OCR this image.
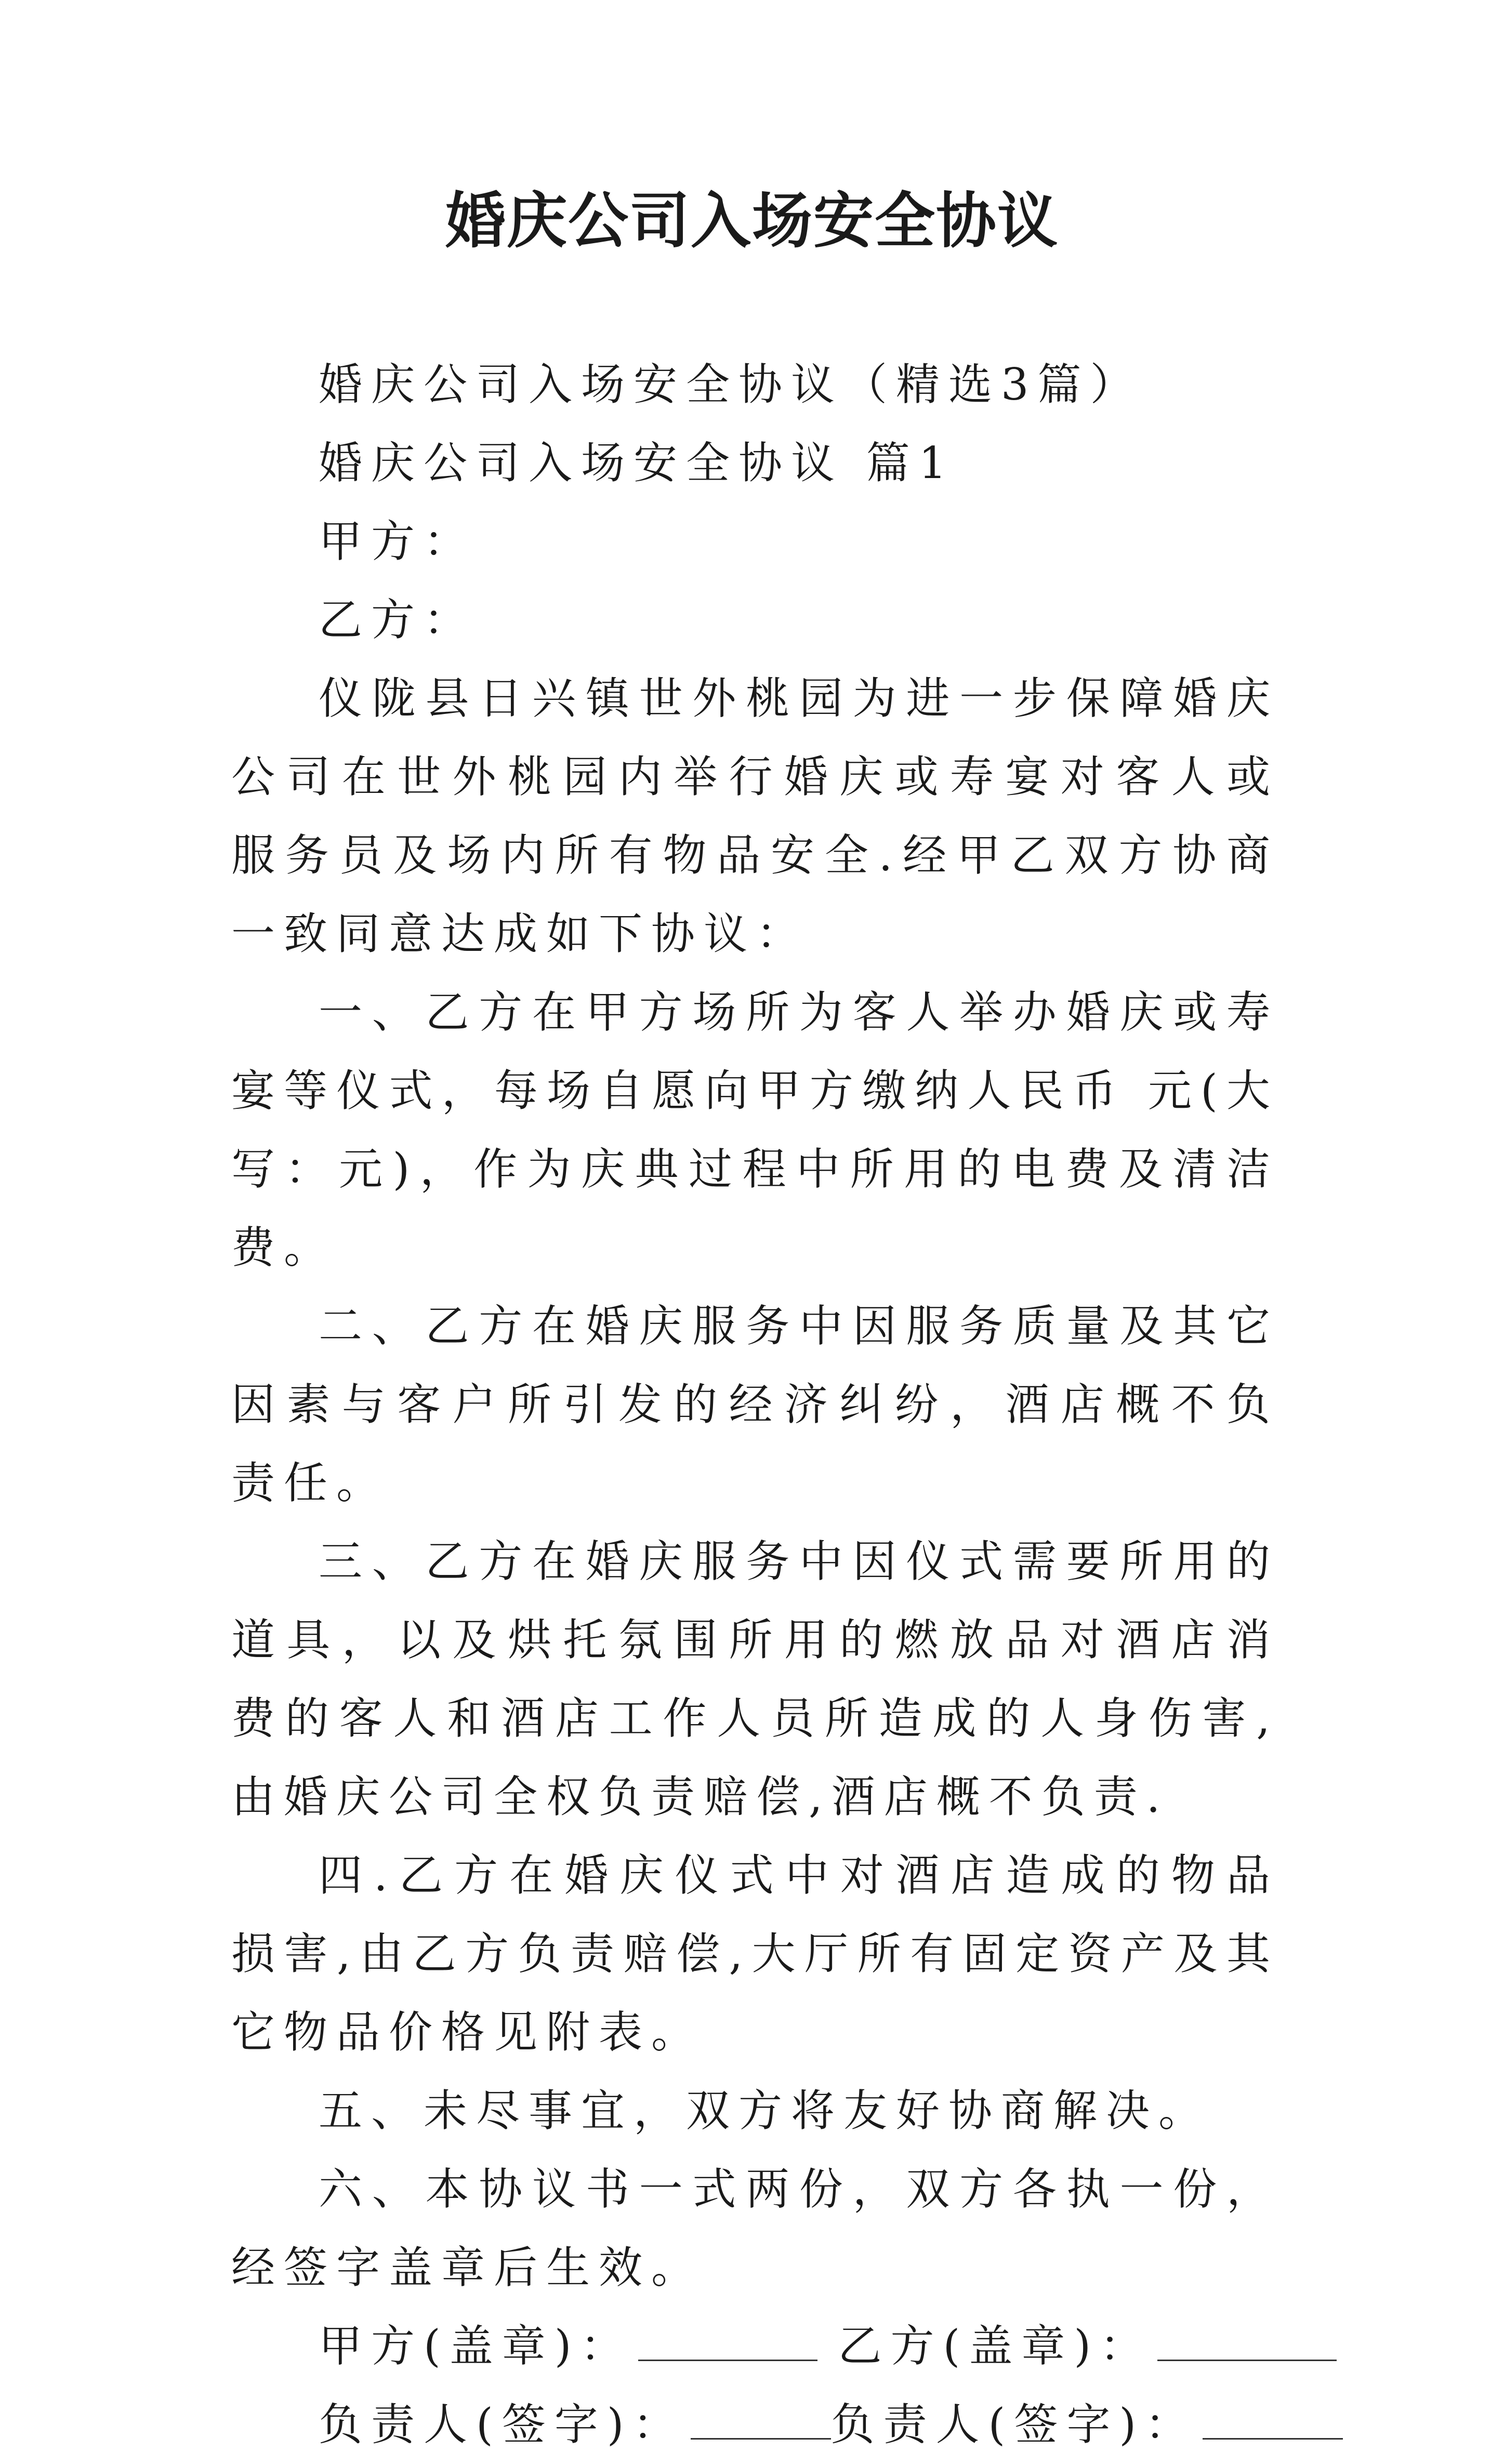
婚庆公司入场安全协议

婚庆公司入场安全协议（精选3篇）

婚庆公司入场安全协议 篇1

甲方：

乙方：

仪陇县日兴镇世外桃园为进一步保障婚庆公司在世外桃园内举行婚庆或寿宴对客人或服务员及场内所有物品安全.经甲乙双方协商一致同意达成如下协议：

一、乙方在甲方场所为客人举办婚庆或寿宴等仪式，每场自愿向甲方缴纳人民币 元(大写：元)，作为庆典过程中所用的电费及清洁费。

二、乙方在婚庆服务中因服务质量及其它因素与客户所引发的经济纠纷，酒店概不负责任。

三、乙方在婚庆服务中因仪式需要所用的道具，以及烘托氛围所用的燃放品对酒店消费的客人和酒店工作人员所造成的人身伤害,由婚庆公司全权负责赔偿,酒店概不负责.

四.乙方在婚庆仪式中对酒店造成的物品损害,由乙方负责赔偿,大厅所有固定资产及其它物品价格见附表。

五、未尽事宜，双方将友好协商解决。

六、本协议书一式两份，双方各执一份，经签字盖章后生效。

甲方(盖章)：	乙方(盖章)：

负责人(签字)：	负责人(签字)：
